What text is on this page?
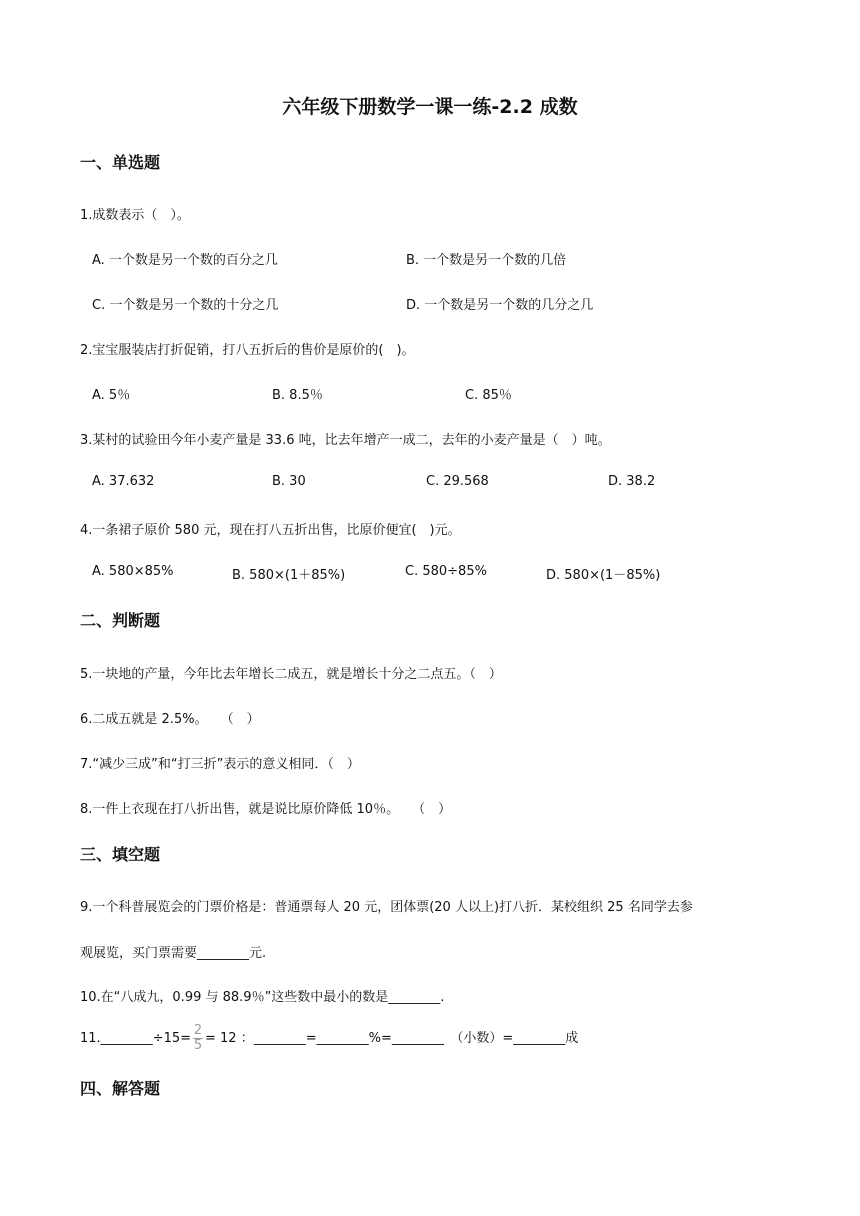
六年级下册数学一课一练-2.2 成数
一、单选题
1.成数表示（　）。
A. 一个数是另一个数的百分之几	B. 一个数是另一个数的几倍
C. 一个数是另一个数的十分之几	D. 一个数是另一个数的几分之几
2.宝宝服装店打折促销，打八五折后的售价是原价的(　)。
A. 5％	B. 8.5％	C. 85％
3.某村的试验田今年小麦产量是 33.6 吨，比去年增产一成二，去年的小麦产量是（　）吨。
A. 37.632	B. 30	C. 29.568	D. 38.2
4.一条裙子原价 580 元，现在打八五折出售，比原价便宜(　)元。
A. 580×85%	B. 580×(1＋85%)	C. 580÷85%	D. 580×(1－85%)
二、判断题
5.一块地的产量，今年比去年增长二成五，就是增长十分之二点五。（　）
6.二成五就是 2.5%。　　（　）
7.“减少三成”和“打三折”表示的意义相同．（　）
8.一件上衣现在打八折出售，就是说比原价降低 10％。　　（　）
三、填空题
9.一个科普展览会的门票价格是：普通票每人 20 元，团体票(20 人以上)打八折．某校组织 25 名同学去参
观展览，买门票需要________元.
10.在“八成九，0.99 与 88.9％”这些数中最小的数是________.
11.________÷15= $\frac{2}{5} = 12$ ：________=________%=________　（小数）=________成
四、解答题
